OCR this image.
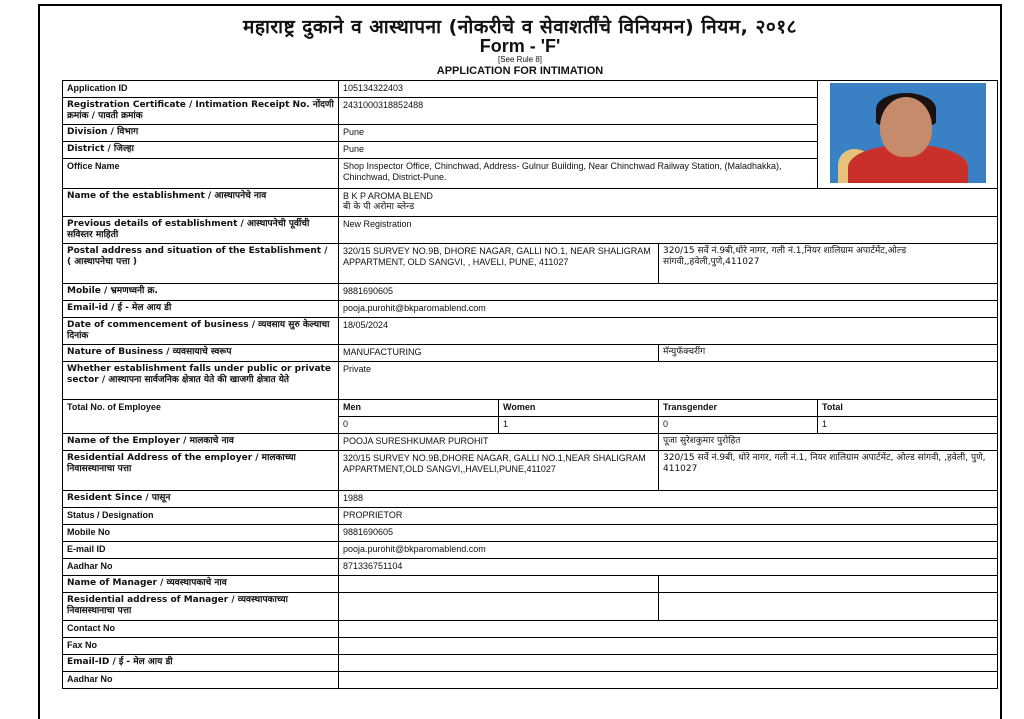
महाराष्ट्र दुकाने व आस्थापना (नोकरीचे व सेवाशर्तींचे विनियमन) नियम, २०१८
Form - 'F'
[See Rule 8]
APPLICATION FOR INTIMATION
Application ID	105134322403			

Registration Certificate / Intimation Receipt No. नोंदणी क्रमांक / पावती क्रमांक	2431000318852488			
Division / विभाग	Pune			
District / जिल्हा	Pune			
Office Name	Shop Inspector Office, Chinchwad, Address- Gulnur Building, Near Chinchwad Railway Station, (Maladhakka), Chinchwad, District-Pune.			
Name of the establishment / आस्थापनेचे नाव	B K P AROMA BLEND
बी के पी अरोमा ब्लेन्ड			

Previous details of establishment / आस्थापनेची पूर्वीची सविस्तर माहिती	New Registration			
Postal address and situation of the Establishment / ( आस्थापनेचा पत्ता )	320/15 SURVEY NO.9B, DHORE NAGAR, GALLI NO.1, NEAR SHALIGRAM APPARTMENT, OLD SANGVI, , HAVELI, PUNE, 411027		320/15 सर्वे नं.9बी,धोरे नागर, गली नं.1,नियर शालिग्राम अपार्टमेंट,ओल्ड सांगवी,,हवेली,पुणे,411027	
Mobile / भ्रमणध्वनी क्र.	9881690605			
Email-id / ई - मेल आय डी	pooja.purohit@bkparomablend.com			
Date of commencement of business / व्यवसाय सुरु केल्याचा दिनांक	18/05/2024			
Nature of Business / व्यवसायाचे स्वरूप	MANUFACTURING		मॅन्युफॅक्चरींग	
Whether establishment falls under public or private sector / आस्थापना सार्वजनिक क्षेत्रात येते की खाजगी क्षेत्रात येते	Private			
Total No. of Employee	Men	Women	Transgender	Total
	0	1	0	1
Name of the Employer / मालकाचे नाव	POOJA SURESHKUMAR PUROHIT		पूजा सुरेशकुमार पुरोहित	
Residential Address of the employer / मालकाच्या निवासस्थानाचा पत्ता	320/15 SURVEY NO.9B,DHORE NAGAR, GALLI NO.1,NEAR SHALIGRAM APPARTMENT,OLD SANGVI,,HAVELI,PUNE,411027		320/15 सर्वे नं.9बी, धोरे नागर, गली नं.1, नियर शालिग्राम अपार्टमेंट, ओल्ड सांगवी, ,हवेली, पुणे, 411027	
Resident Since / पासून	1988			
Status / Designation	PROPRIETOR			
Mobile No	9881690605			
E-mail ID	pooja.purohit@bkparomablend.com			
Aadhar No	871336751104			
Name of Manager / व्यवस्थापकाचे नाव				
Residential address of Manager / व्यवस्थापकाच्या निवासस्थानाचा पत्ता				
Contact No				
Fax No				
Email-ID / ई - मेल आय डी				
Aadhar No				
